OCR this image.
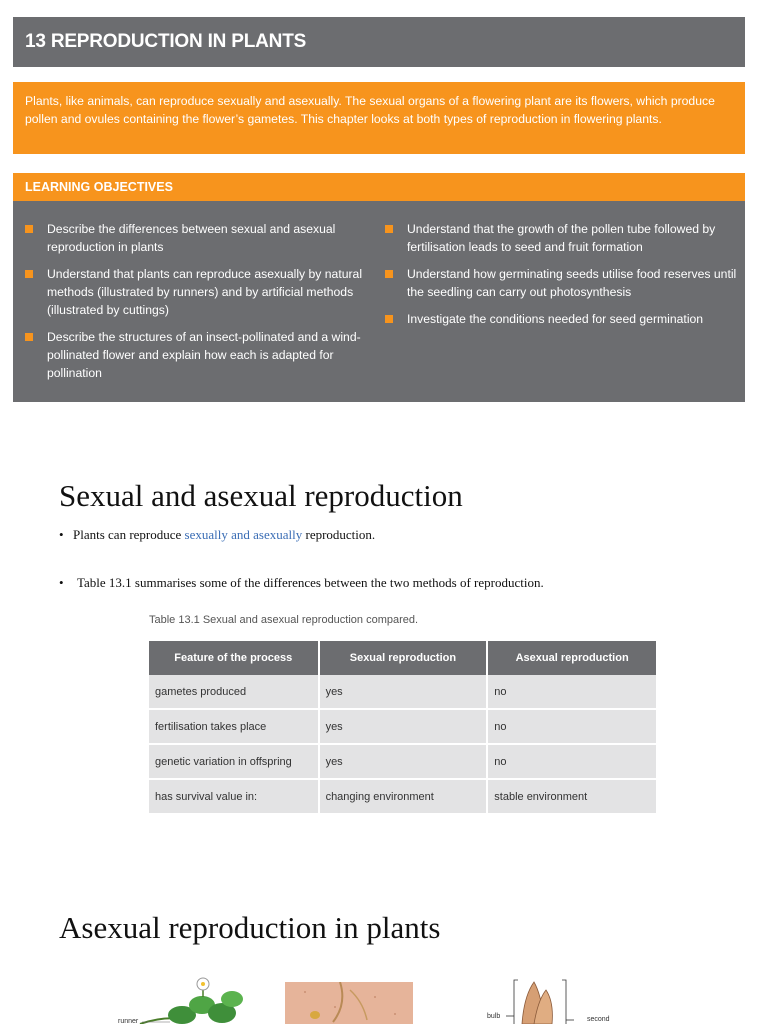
13 REPRODUCTION IN PLANTS
Plants, like animals, can reproduce sexually and asexually. The sexual organs of a flowering plant are its flowers, which produce pollen and ovules containing the flower’s gametes. This chapter looks at both types of reproduction in flowering plants.
LEARNING OBJECTIVES
Describe the differences between sexual and asexual reproduction in plants
Understand that plants can reproduce asexually by natural methods (illustrated by runners) and by artificial methods (illustrated by cuttings)
Describe the structures of an insect-pollinated and a wind-pollinated flower and explain how each is adapted for pollination
Understand that the growth of the pollen tube followed by fertilisation leads to seed and fruit formation
Understand how germinating seeds utilise food reserves until the seedling can carry out photosynthesis
Investigate the conditions needed for seed germination
Sexual and asexual reproduction
• Plants can reproduce sexually and asexually reproduction.
• Table 13.1 summarises some of the differences between the two methods of reproduction.
Table 13.1 Sexual and asexual reproduction compared.
Feature of the process	Sexual reproduction	Asexual reproduction
gametes produced	yes	no
fertilisation takes place	yes	no
genetic variation in offspring	yes	no
has survival value in:	changing environment	stable environment
Asexual reproduction in plants
runner
bulb	second
